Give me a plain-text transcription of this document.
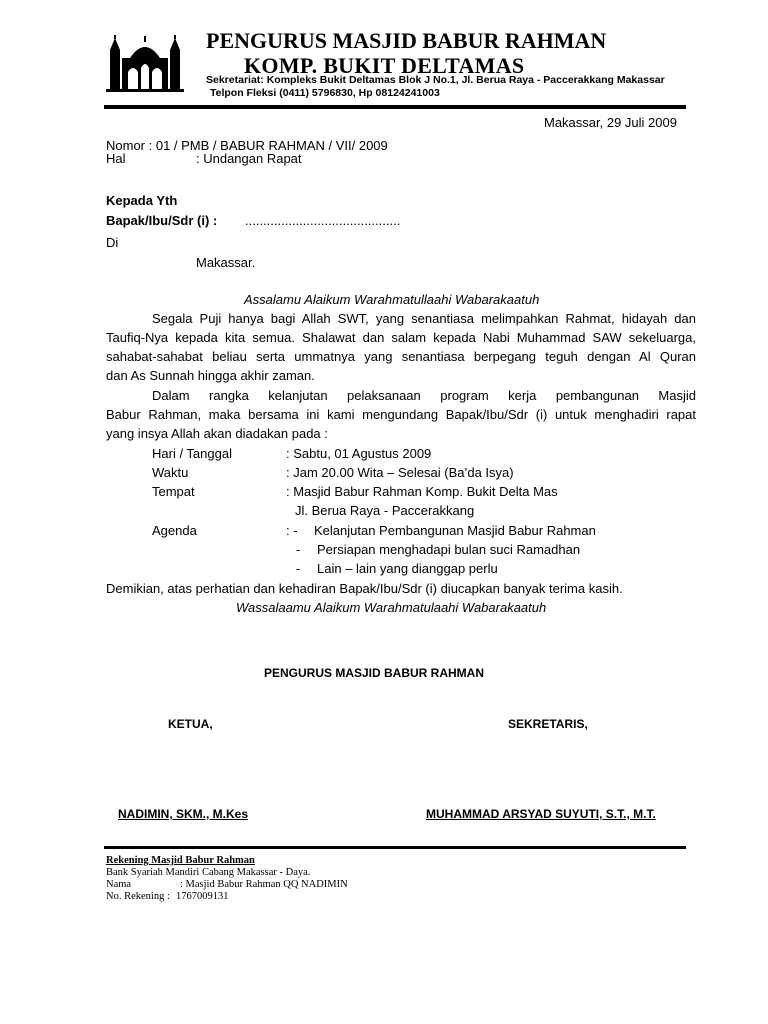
PENGURUS MASJID BABUR RAHMAN
KOMP. BUKIT DELTAMAS
Sekretariat: Kompleks Bukit Deltamas Blok J No.1, Jl. Berua Raya - Paccerakkang Makassar
Telpon Fleksi (0411) 5796830, Hp 08124241003
Makassar, 29 Juli 2009
Nomor : 01 / PMB / BABUR RAHMAN / VII/ 2009
Hal	: Undangan Rapat
Kepada Yth
Bapak/Ibu/Sdr (i) : ...........................................
Di
Makassar.
Assalamu Alaikum Warahmatullaahi Wabarakaatuh
Segala Puji hanya bagi Allah SWT, yang senantiasa melimpahkan Rahmat, hidayah dan
Taufiq-Nya kepada kita semua. Shalawat dan salam kepada Nabi Muhammad SAW sekeluarga,
sahabat-sahabat beliau serta ummatnya yang senantiasa berpegang teguh dengan Al Quran
dan As Sunnah hingga akhir zaman.
Dalam rangka kelanjutan pelaksanaan program kerja pembangunan Masjid
Babur Rahman, maka bersama ini kami mengundang Bapak/Ibu/Sdr (i) untuk menghadiri rapat
yang insya Allah akan diadakan pada :
Hari / Tanggal	: Sabtu, 01 Agustus 2009
Waktu	: Jam 20.00 Wita – Selesai (Ba’da Isya)
Tempat	: Masjid Babur Rahman Komp. Bukit Delta Mas
Jl. Berua Raya - Paccerakkang
Agenda	: - Kelanjutan Pembangunan Masjid Babur Rahman
- Persiapan menghadapi bulan suci Ramadhan
- Lain – lain yang dianggap perlu
Demikian, atas perhatian dan kehadiran Bapak/Ibu/Sdr (i) diucapkan banyak terima kasih.
Wassalaamu Alaikum Warahmatulaahi Wabarakaatuh
PENGURUS MASJID BABUR RAHMAN
KETUA,	SEKRETARIS,
NADIMIN, SKM., M.Kes	MUHAMMAD ARSYAD SUYUTI, S.T., M.T.
Rekening Masjid Babur Rahman
Bank Syariah Mandiri Cabang Makassar - Daya.
Nama	: Masjid Babur Rahman QQ NADIMIN
No. Rekening : 1767009131
